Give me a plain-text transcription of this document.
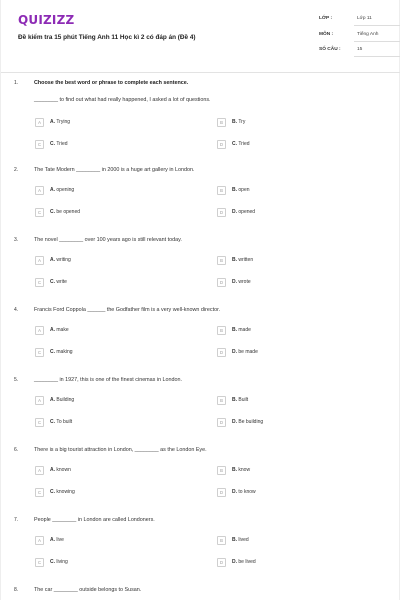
QUIZIZZ
Đề kiểm tra 15 phút Tiếng Anh 11 Học kì 2 có đáp án (Đề 4)
LỚP :	Lớp 11
MÔN :	Tiếng Anh
SỐ CÂU :	15
1.	Choose the best word or phrase to complete each sentence.
________ to find out what had really happened, I asked a lot of questions.
A	A. Trying	B	B. Try
C	C. Tried	D	C. Tried
2.	The Tate Modern ________ in 2000 is a huge art gallery in London.
A	A. opening	B	B. open
C	C. be opened	D	D. opened
3.	The novel ________ over 100 years ago is still relevant today.
A	A. writing	B	B. written
C	C. write	D	D. wrote
4.	Francis Ford Coppola ______ the Godfather film is a very well-known director.
A	A. make	B	B. made
C	C. making	D	D. be made
5.	________ in 1927, this is one of the finest cinemas in London.
A	A. Building	B	B. Built
C	C. To built	D	D. Be building
6.	There is a big tourist attraction in London, ________ as the London Eye.
A	A. known	B	B. know
C	C. knowing	D	D. to know
7.	People ________ in London are called Londoners.
A	A. live	B	B. lived
C	C. living	D	D. be lived
8.	The car ________ outside belongs to Susan.
